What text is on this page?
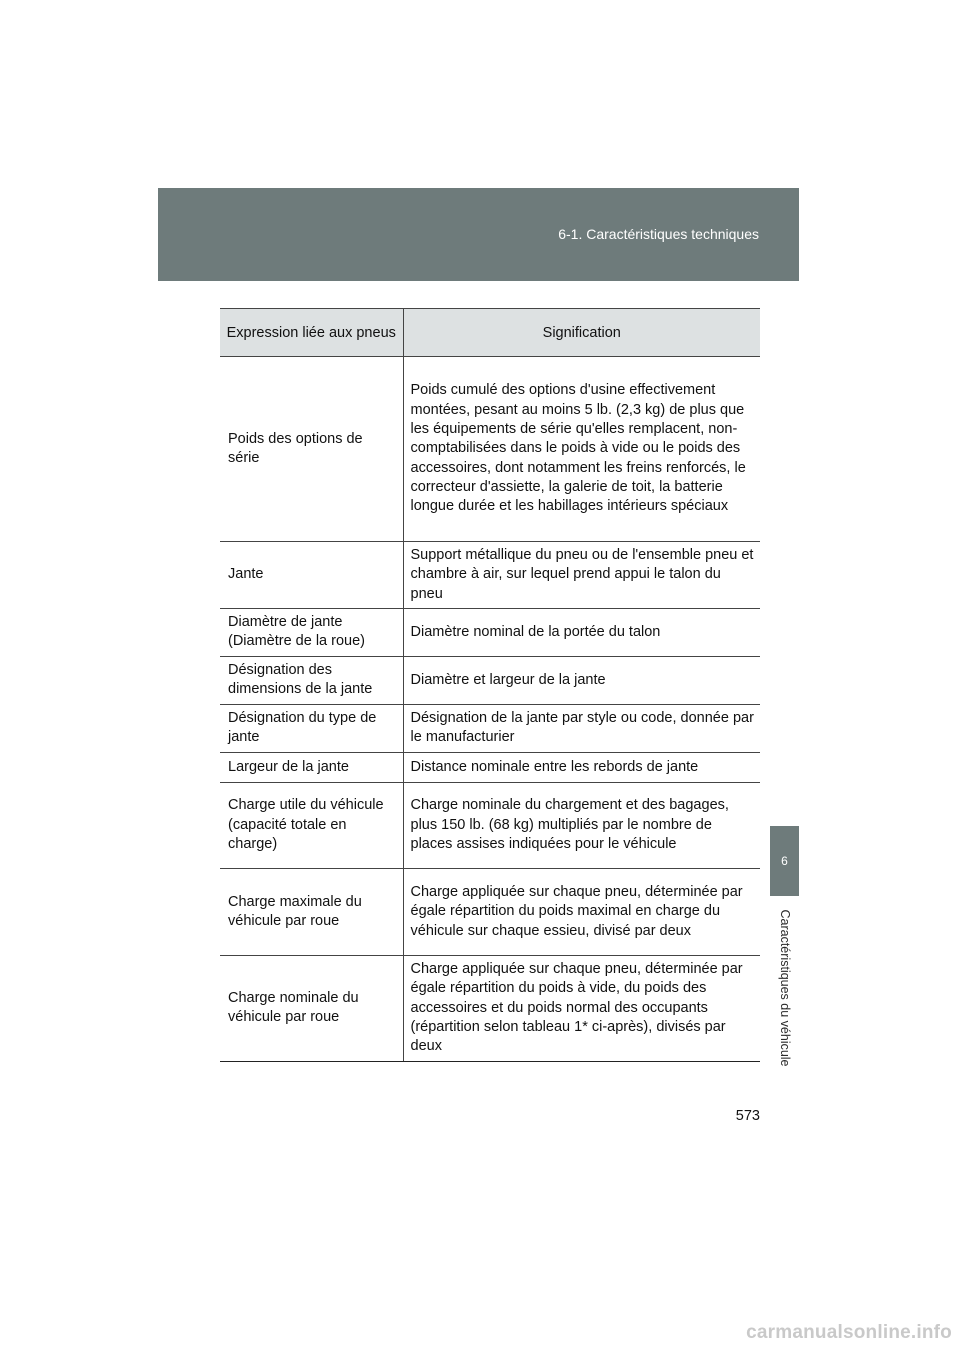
6-1. Caractéristiques techniques
6
Caractéristiques du véhicule
Expression liée aux pneus	Signification
Poids des options de série	Poids cumulé des options d'usine effectivement montées, pesant au moins 5 lb. (2,3 kg) de plus que les équipements de série qu'elles remplacent, non-comptabilisées dans le poids à vide ou le poids des accessoires, dont notamment les freins renforcés, le correcteur d'assiette, la galerie de toit, la batterie longue durée et les habillages intérieurs spéciaux
Jante	Support métallique du pneu ou de l'ensemble pneu et chambre à air, sur lequel prend appui le talon du pneu
Diamètre de jante (Diamètre de la roue)	Diamètre nominal de la portée du talon
Désignation des dimensions de la jante	Diamètre et largeur de la jante
Désignation du type de jante	Désignation de la jante par style ou code, donnée par le manufacturier
Largeur de la jante	Distance nominale entre les rebords de jante
Charge utile du véhicule (capacité totale en charge)	Charge nominale du chargement et des bagages, plus 150 lb. (68 kg) multipliés par le nombre de places assises indiquées pour le véhicule
Charge maximale du véhicule par roue	Charge appliquée sur chaque pneu, déterminée par égale répartition du poids maximal en charge du véhicule sur chaque essieu, divisé par deux
Charge nominale du véhicule par roue	Charge appliquée sur chaque pneu, déterminée par égale répartition du poids à vide, du poids des accessoires et du poids normal des occupants (répartition selon tableau 1* ci-après), divisés par deux
573
carmanualsonline.info
